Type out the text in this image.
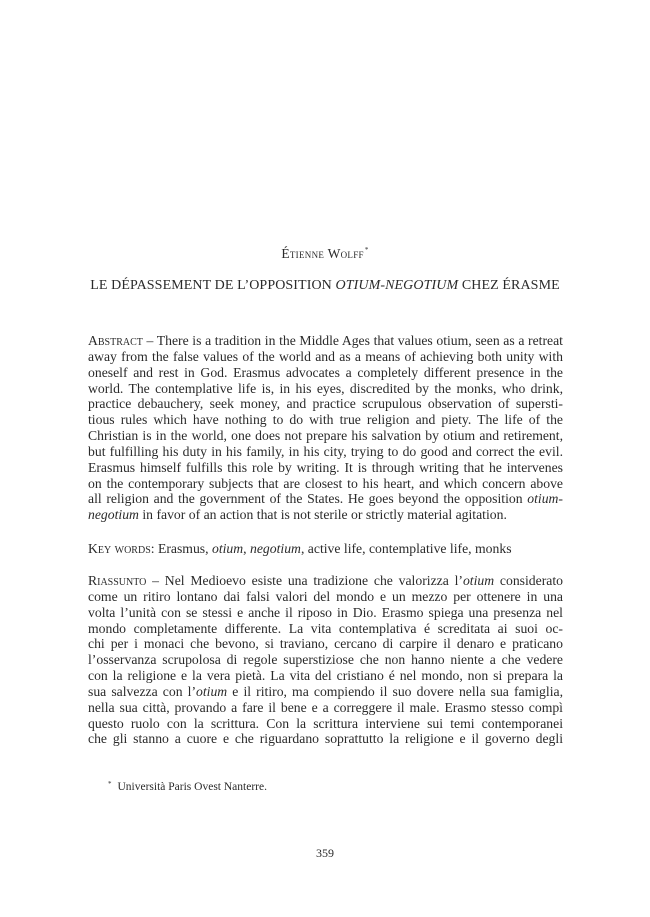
Étienne Wolff*
LE DÉPASSEMENT DE L’OPPOSITION OTIUM-NEGOTIUM CHEZ ÉRASME
Abstract – There is a tradition in the Middle Ages that values otium, seen as a retreat
away from the false values of the world and as a means of achieving both unity with
oneself and rest in God. Erasmus advocates a completely different presence in the
world. The contemplative life is, in his eyes, discredited by the monks, who drink,
practice debauchery, seek money, and practice scrupulous observation of supersti-
tious rules which have nothing to do with true religion and piety. The life of the
Christian is in the world, one does not prepare his salvation by otium and retirement,
but fulfilling his duty in his family, in his city, trying to do good and correct the evil.
Erasmus himself fulfills this role by writing. It is through writing that he intervenes
on the contemporary subjects that are closest to his heart, and which concern above
all religion and the government of the States. He goes beyond the opposition otium-
negotium in favor of an action that is not sterile or strictly material agitation.
Key words: Erasmus, otium, negotium, active life, contemplative life, monks
Riassunto – Nel Medioevo esiste una tradizione che valorizza l’otium considerato
come un ritiro lontano dai falsi valori del mondo e un mezzo per ottenere in una
volta l’unità con se stessi e anche il riposo in Dio. Erasmo spiega una presenza nel
mondo completamente differente. La vita contemplativa é screditata ai suoi oc-
chi per i monaci che bevono, si traviano, cercano di carpire il denaro e praticano
l’osservanza scrupolosa di regole superstiziose che non hanno niente a che vedere
con la religione e la vera pietà. La vita del cristiano é nel mondo, non si prepara la
sua salvezza con l’otium e il ritiro, ma compiendo il suo dovere nella sua famiglia,
nella sua città, provando a fare il bene e a correggere il male. Erasmo stesso compì
questo ruolo con la scrittura. Con la scrittura interviene sui temi contemporanei
che gli stanno a cuore e che riguardano soprattutto la religione e il governo degli
* Università Paris Ovest Nanterre.
359
